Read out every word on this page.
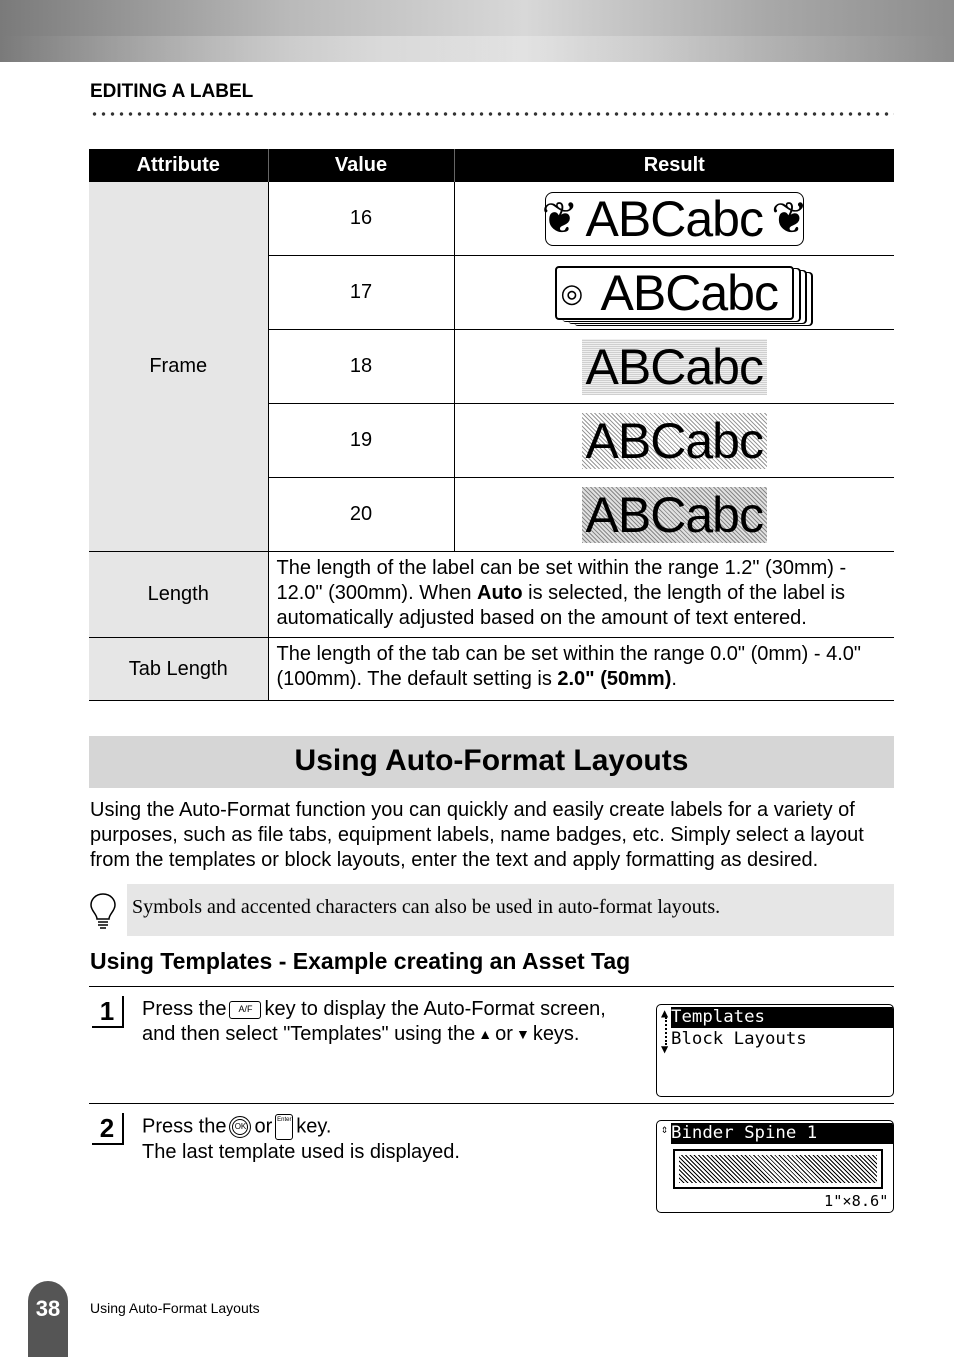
EDITING A LABEL
Attribute	Value	Result
Frame	16	❦ ABCabc ❦

	17	◎ ABCabc
	18	ABCabc
	19	ABCabc
	20	ABCabc
Length	The length of the label can be set within the range 1.2" (30mm) - 12.0" (300mm). When Auto is selected, the length of the label is automatically adjusted based on the amount of text entered.	
Tab Length	The length of the tab can be set within the range 0.0" (0mm) - 4.0"(100mm). The default setting is 2.0" (50mm).	
Using Auto-Format Layouts
Using the Auto-Format function you can quickly and easily create labels for a variety of purposes, such as file tabs, equipment labels, name badges, etc. Simply select a layout from the templates or block layouts, enter the text and apply formatting as desired.
Symbols and accented characters can also be used in auto-format layouts.
Using Templates - Example creating an Asset Tag
1	Press the A/F key to display the Auto-Format screen,
and then select "Templates" using the ▲ or ▼ keys.
▲
▼
Templates
Block Layouts
2	Press the OK or Enter key.
The last template used is displayed.
⇕ Binder Spine 1
1"×8.6"
38	Using Auto-Format Layouts
